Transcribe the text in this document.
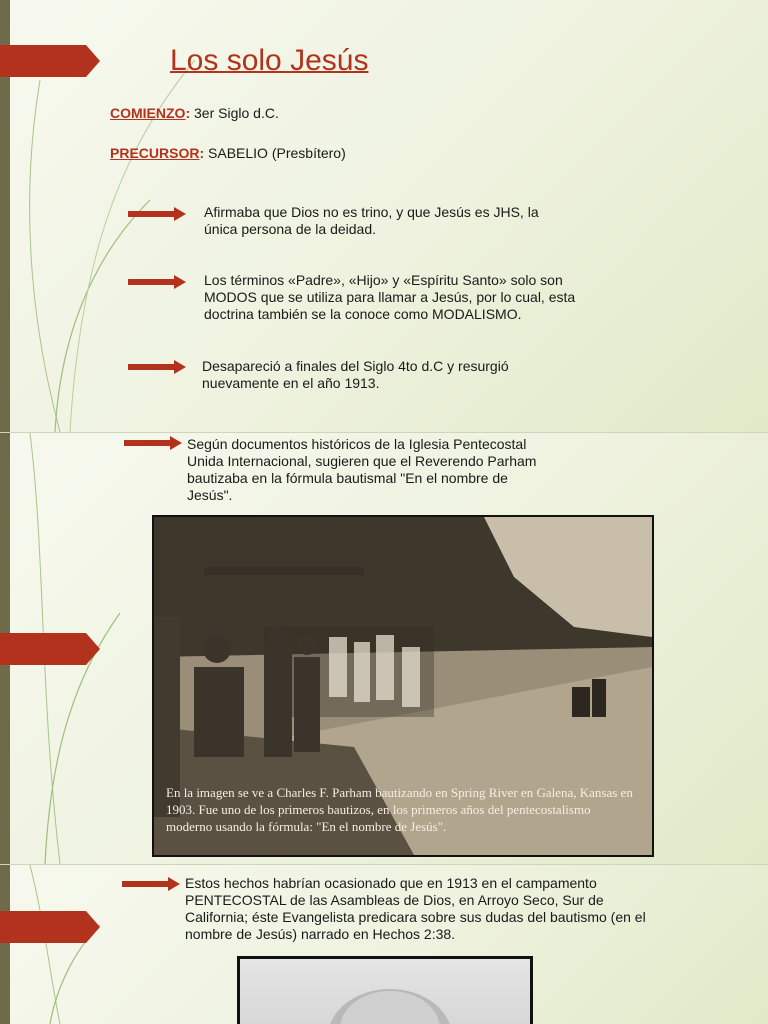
Los solo Jesús
COMIENZO: 3er Siglo d.C.
PRECURSOR: SABELIO (Presbítero)
Afirmaba que Dios no es trino, y que Jesús es JHS, la única persona de la deidad.
Los términos «Padre», «Hijo» y «Espíritu Santo» solo son MODOS que se utiliza para llamar a Jesús, por lo cual, esta doctrina también se la conoce como MODALISMO.
Desapareció a finales del Siglo 4to d.C y resurgió nuevamente en el año 1913.
Según documentos históricos de la Iglesia Pentecostal Unida Internacional, sugieren que el Reverendo Parham bautizaba en la fórmula bautismal "En el nombre de Jesús".
En la imagen se ve a Charles F. Parham bautizando en Spring River en Galena, Kansas en 1903. Fue uno de los primeros bautizos, en los primeros años del pentecostalismo moderno usando la fórmula: "En el nombre de Jesús".
Estos hechos habrían ocasionado que en 1913 en el campamento PENTECOSTAL de las Asambleas de Dios, en Arroyo Seco, Sur de California; éste Evangelista predicara sobre sus dudas del bautismo (en el nombre de Jesús) narrado en Hechos 2:38.
